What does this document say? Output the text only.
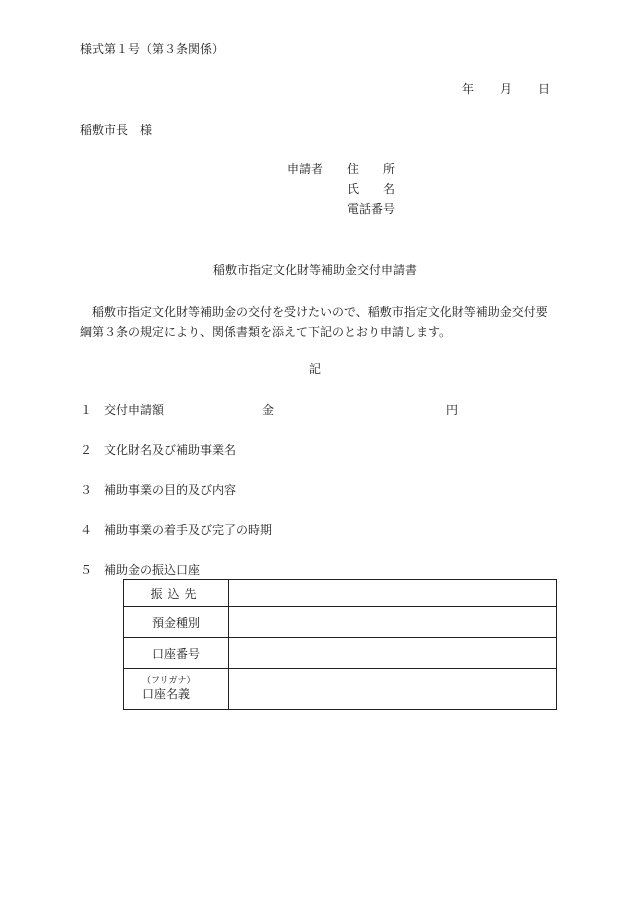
様式第１号（第３条関係）
年 月 日
稲敷市長　様
申請者 住　　所
氏　　名
電話番号
稲敷市指定文化財等補助金交付申請書
稲敷市指定文化財等補助金の交付を受けたいので、稲敷市指定文化財等補助金交付要綱第３条の規定により、関係書類を添えて下記のとおり申請します。
記
１ 交付申請額	金	円
２ 文化財名及び補助事業名
３ 補助事業の目的及び内容
４ 補助事業の着手及び完了の時期
５ 補助金の振込口座
振込先	
預金種別	
口座番号	

（フリガナ）
口座名義	
